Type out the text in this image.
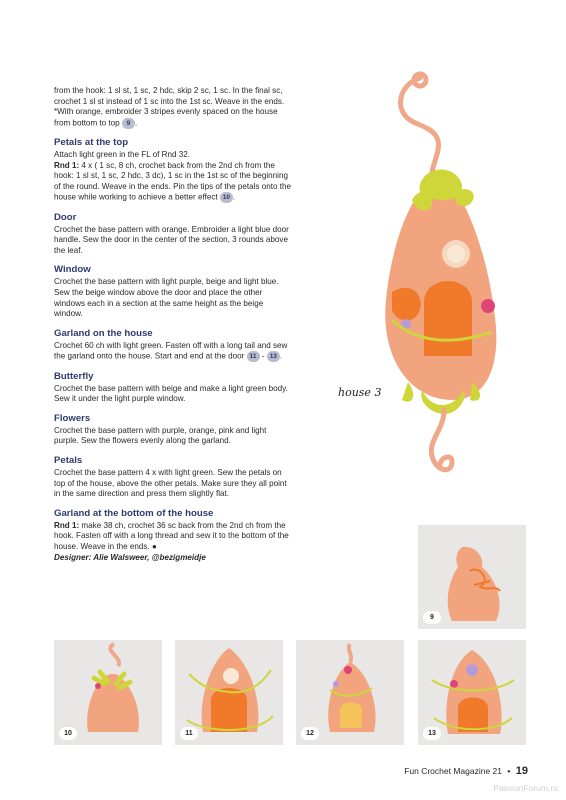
from the hook: 1 sl st, 1 sc, 2 hdc, skip 2 sc, 1 sc. In the final sc, crochet 1 sl st instead of 1 sc into the 1st sc. Weave in the ends. *With orange, embroider 3 stripes evenly spaced on the house from bottom to top 9 .

Petals at the top

Attach light green in the FL of Rnd 32.
Rnd 1: 4 x ( 1 sc, 8 ch, crochet back from the 2nd ch from the hook: 1 sl st, 1 sc, 2 hdc, 3 dc), 1 sc in the 1st sc of the beginning of the round. Weave in the ends. Pin the tips of the petals onto the house while working to achieve a better effect 10 .

Door

Crochet the base pattern with orange. Embroider a light blue door handle. Sew the door in the center of the section, 3 rounds above the leaf.

Window

Crochet the base pattern with light purple, beige and light blue. Sew the beige window above the door and place the other windows each in a section at the same height as the beige window.

Garland on the house

Crochet 60 ch with light green. Fasten off with a long tail and sew the garland onto the house. Start and end at the door 11 - 13 .

Butterfly

Crochet the base pattern with beige and make a light green body. Sew it under the light purple window.

Flowers

Crochet the base pattern with purple, orange, pink and light purple. Sew the flowers evenly along the garland.

Petals

Crochet the base pattern 4 x with light green. Sew the petals on top of the house, above the other petals. Make sure they all point in the same direction and press them slightly flat.

Garland at the bottom of the house

Rnd 1: make 38 ch, crochet 36 sc back from the 2nd ch from the hook. Fasten off with a long thread and sew it to the bottom of the house. Weave in the ends. ●
Designer: Alie Walsweer, @bezigmeidje

house 3
9
10	11	12	13
Fun Crochet Magazine 21 • 19
PassionForum.ru
